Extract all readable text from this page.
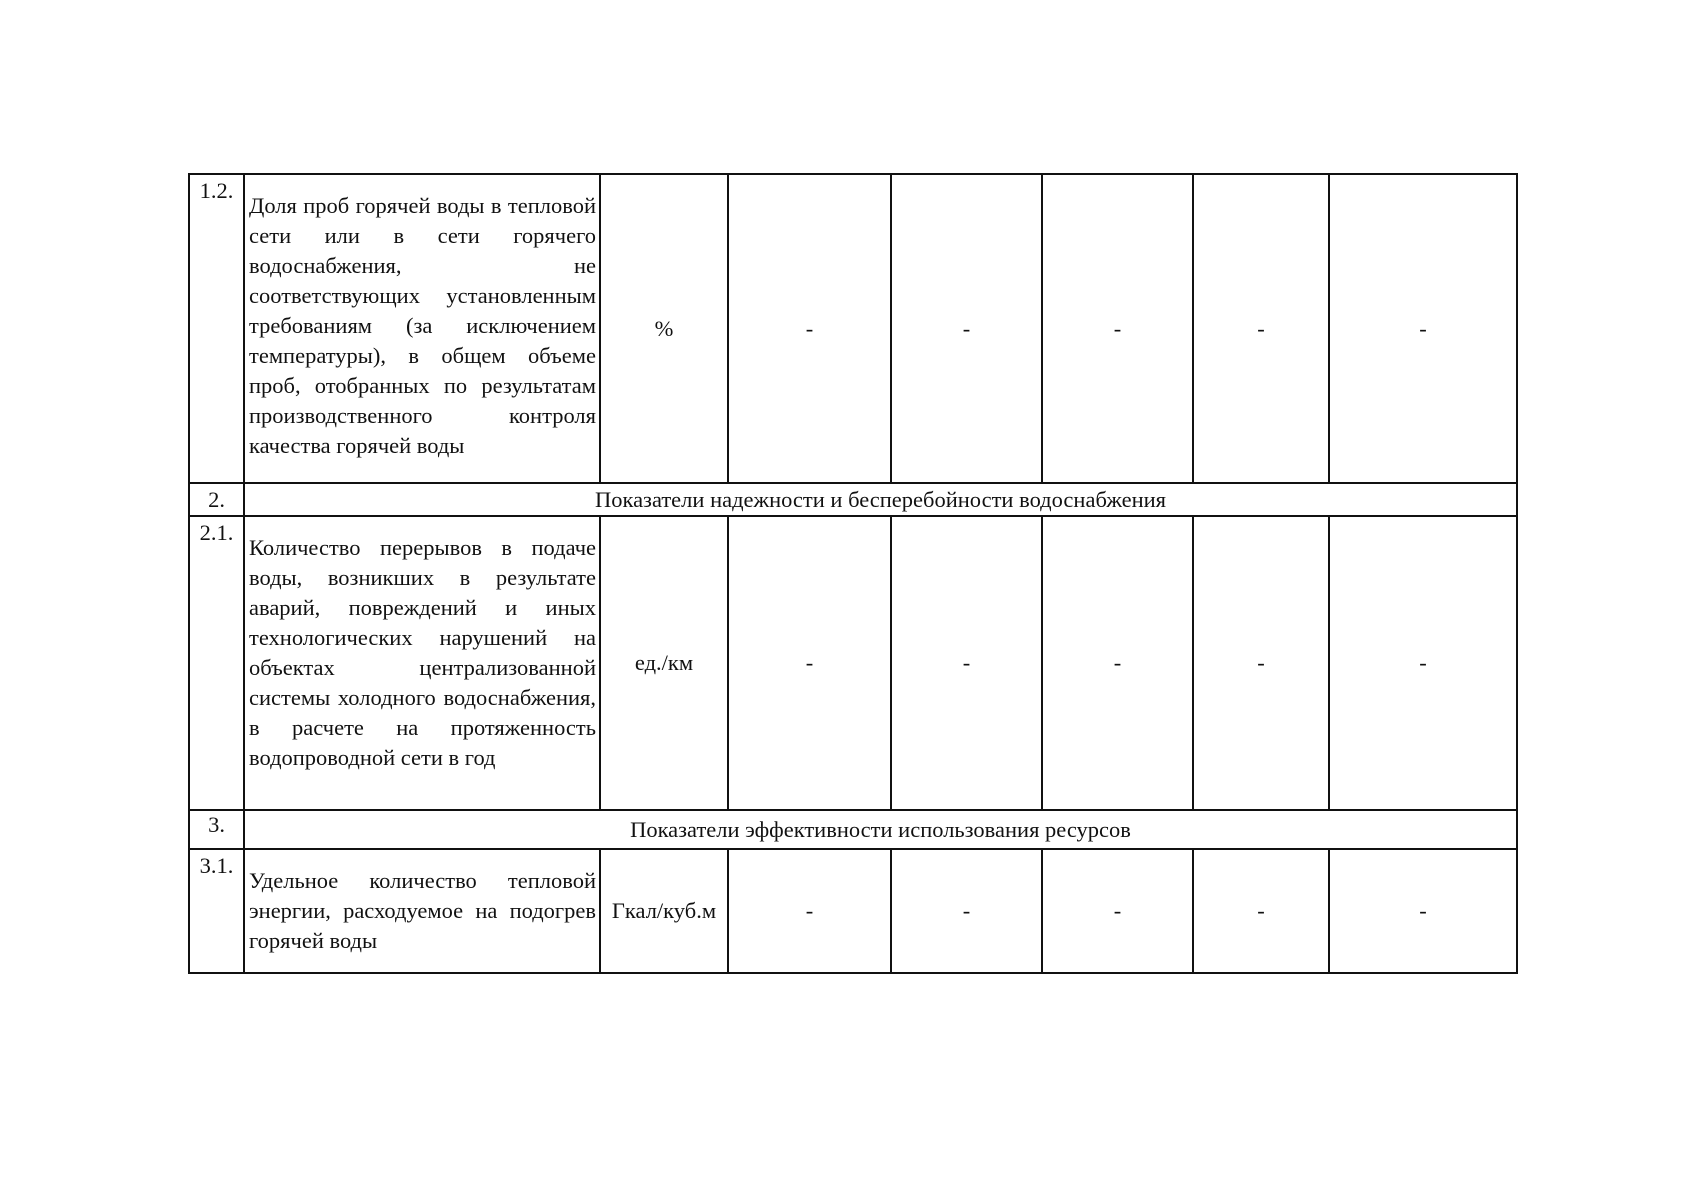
1.2.	Доля проб горячей воды в тепловой сети или в сети горячего водоснабжения, не соответствующих установленным требованиям (за исключением температуры), в общем объеме проб, отобранных по результатам производственного контроля качества горячей воды	%	-	-	-	-	-
2.	Показатели надежности и бесперебойности водоснабжения						
2.1.	Количество перерывов в подаче воды, возникших в результате аварий, повреждений и иных технологических нарушений на объектах централизованной системы холодного водоснабжения, в расчете на протяженность водопроводной сети в год	ед./км	-	-	-	-	-
3.	Показатели эффективности использования ресурсов						
3.1.	Удельное количество тепловой энергии, расходуемое на подогрев горячей воды	Гкал/куб.м	-	-	-	-	-
